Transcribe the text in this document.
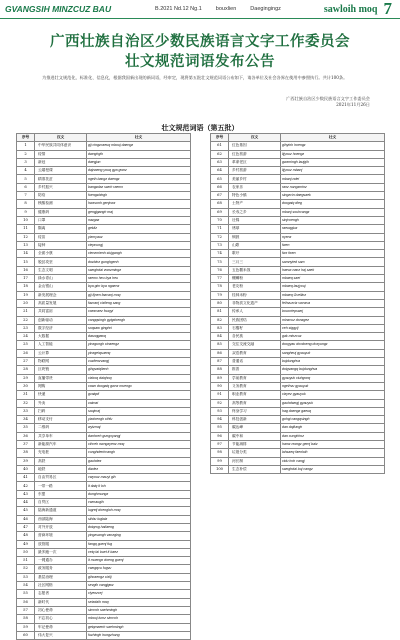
GVANGSIH MINZCUZ BAU	B.2021 Nd.12 Ng.1	bouxlien	Daegingingz	sawloih moq 7
广西壮族自治区少数民族语言文字工作委员会
壮文规范词语发布公告

为推进壮文规范化、标准化、信息化，根据我国新出现的新词语，经审定，现将第五批壮文规范词语公布如下，请各单位及社会各界在使用中参照执行。共计100条。

广西壮族自治区少数民族语言文字工作委员会
2021年11月26日
壮文规范词语（第五批）
序号	汉文	壮文
1	中华民族共同体意识	gij cingzcaeuq mbouj daengz
2	疫情	dwnghgih
3	新冠	daegjun
4	云端授课	dajnaeng youq gya gwnz
5	精准扶贫	ngeih bangz daengz
6	乡村振兴	bangzdaz swnh raemx
7	防疫	fuengzbingh
8	核酸检测	hwzsonh genjcwz
9	健康码	gengjgangh maj
10	口罩	nazgaz
11	隔离	gekliz
12	疫苗	yizmyauz
13	接种	ciepcungj
14	全面小康	cienzmienh siujgangh
15	脱贫攻坚	dozbinz gunghgenh
16	生态文明	swnghdai vwnzmingz
17	绿水青山	raemx heu bya heu
18	金山银山	bya gim bya ngaenz
19	新发展理念	gij lijnen fazcanj moq
20	高质量发展	fazcanj cizlieng sang
21	共同富裕	caezcaez fouqyi
22	创新驱动	cangqsingh gyigdoengh
23	数字经济	soqsaw ginghci
24	大数据	dasoqgawq
25	人工智能	yinzgungh cinaengz
26	云计算	yinzgeiqsuenq
27	物联网	vuzlienzvangj
28	区块链	gihgvaiqlienh
29	直播带货	cizboq daiqhoq
30	网购	cawx doxgaiq gwnz muengx
31	快递	gvaiqdi
32	外卖	vaimai
33	扫码	saujmaj
34	移动支付	yizdoengh cihfu
35	二维码	wyizmaj
36	共享单车	danhceh gungxyangj
37	新能源汽车	cihceh nwngzyenz moq
38	充电桩	cunghdenhcangh
39	高铁	gauhdez
40	地铁	dizdez
41	自由贸易区	cwyouz mauyi gih
42	一带一路	it daiq it loh
43	东盟	dunghmungz
44	自贸区	cwmaugih
45	陆海新通道	lugreij doengloh moq
46	西部陆海	sihbu luglaiz
47	对外开放	doiqrog hailaeng
48	营商环境	yingzsangh vanzging
49	放管服	fangq guenj fug
50	最多跑一次	ceiq lai buet it baez
51	一网通办	it muengx doeng guenj
52	政务服务	cwngqvu fugvu
53	基层治理	gihcaengz cizlij
54	社区网格	sevgih vangjgwz
55	志愿者	ciyenzcej
56	新时代	seizdaih moq
57	初心使命	simcoh saehmingh
58	不忘初心	mbouj lumz simcoh
59	牢记使命	geiqmaenh saehmingh
60	伟大复兴	fuzhingh hungzhung
序号	汉文	壮文
61	红色基因	gihyinh hoengz
62	红色旅游	lijyouz hoengz
63	革命老区	gwzmingh laujgih
64	乡村旅游	lijyouz mbanj
65	美丽乡村	mbanj ndei
66	农家乐	ranz nungzminz
67	特色小镇	singzcin daegsaek
68	土特产	doxgaiq dieg
69	长寿之乡	mbanj souhcangz
70	壮锦	sinjcoengh
71	绣球	raeuqgiuz
72	铜鼓	nyenz
73	山歌	fwen
74	歌圩	fwx fwen
75	三月三	samnyied sam
76	五色糯米饭	haeux nanz haj saek
77	螺蛳粉	mbaeq saei
78	老友粉	mbaeq laujyouj
79	桂林米粉	mbaeq Gveilinz
80	非物质文化遗产	feihvuzciz vwnzva
81	传承人	bouxciepswnj
82	民族团结	minzcuz donzgez
83	石榴籽	ceh siggyij
84	各民族	gak minzcuz
85	交往交流交融	doxgyau doxdoeng doxyungz
86	双语教育	sangheuj gyauyuk
87	普通话	bujdunghva
88	推普	doigvangq bujdunghva
89	学前教育	gyauyuk ciuhgonq
90	义务教育	ngeihvu gyauyuk
91	职业教育	cizyez gyauyuk
92	高等教育	gauhdwngj gyauyuk
93	终身学习	hag daengz gaeuq
94	科技创新	gohgi cangqsingh
95	碳达峰	dan dajfungh
96	碳中和	dan cunghhoz
97	节能减排	hamz nwngz gemj baiz
98	垃圾分类	lahsaeq faenloih
99	河长制	cidu hoh cangj
100	生态补偿	swnghdai buj cangz
